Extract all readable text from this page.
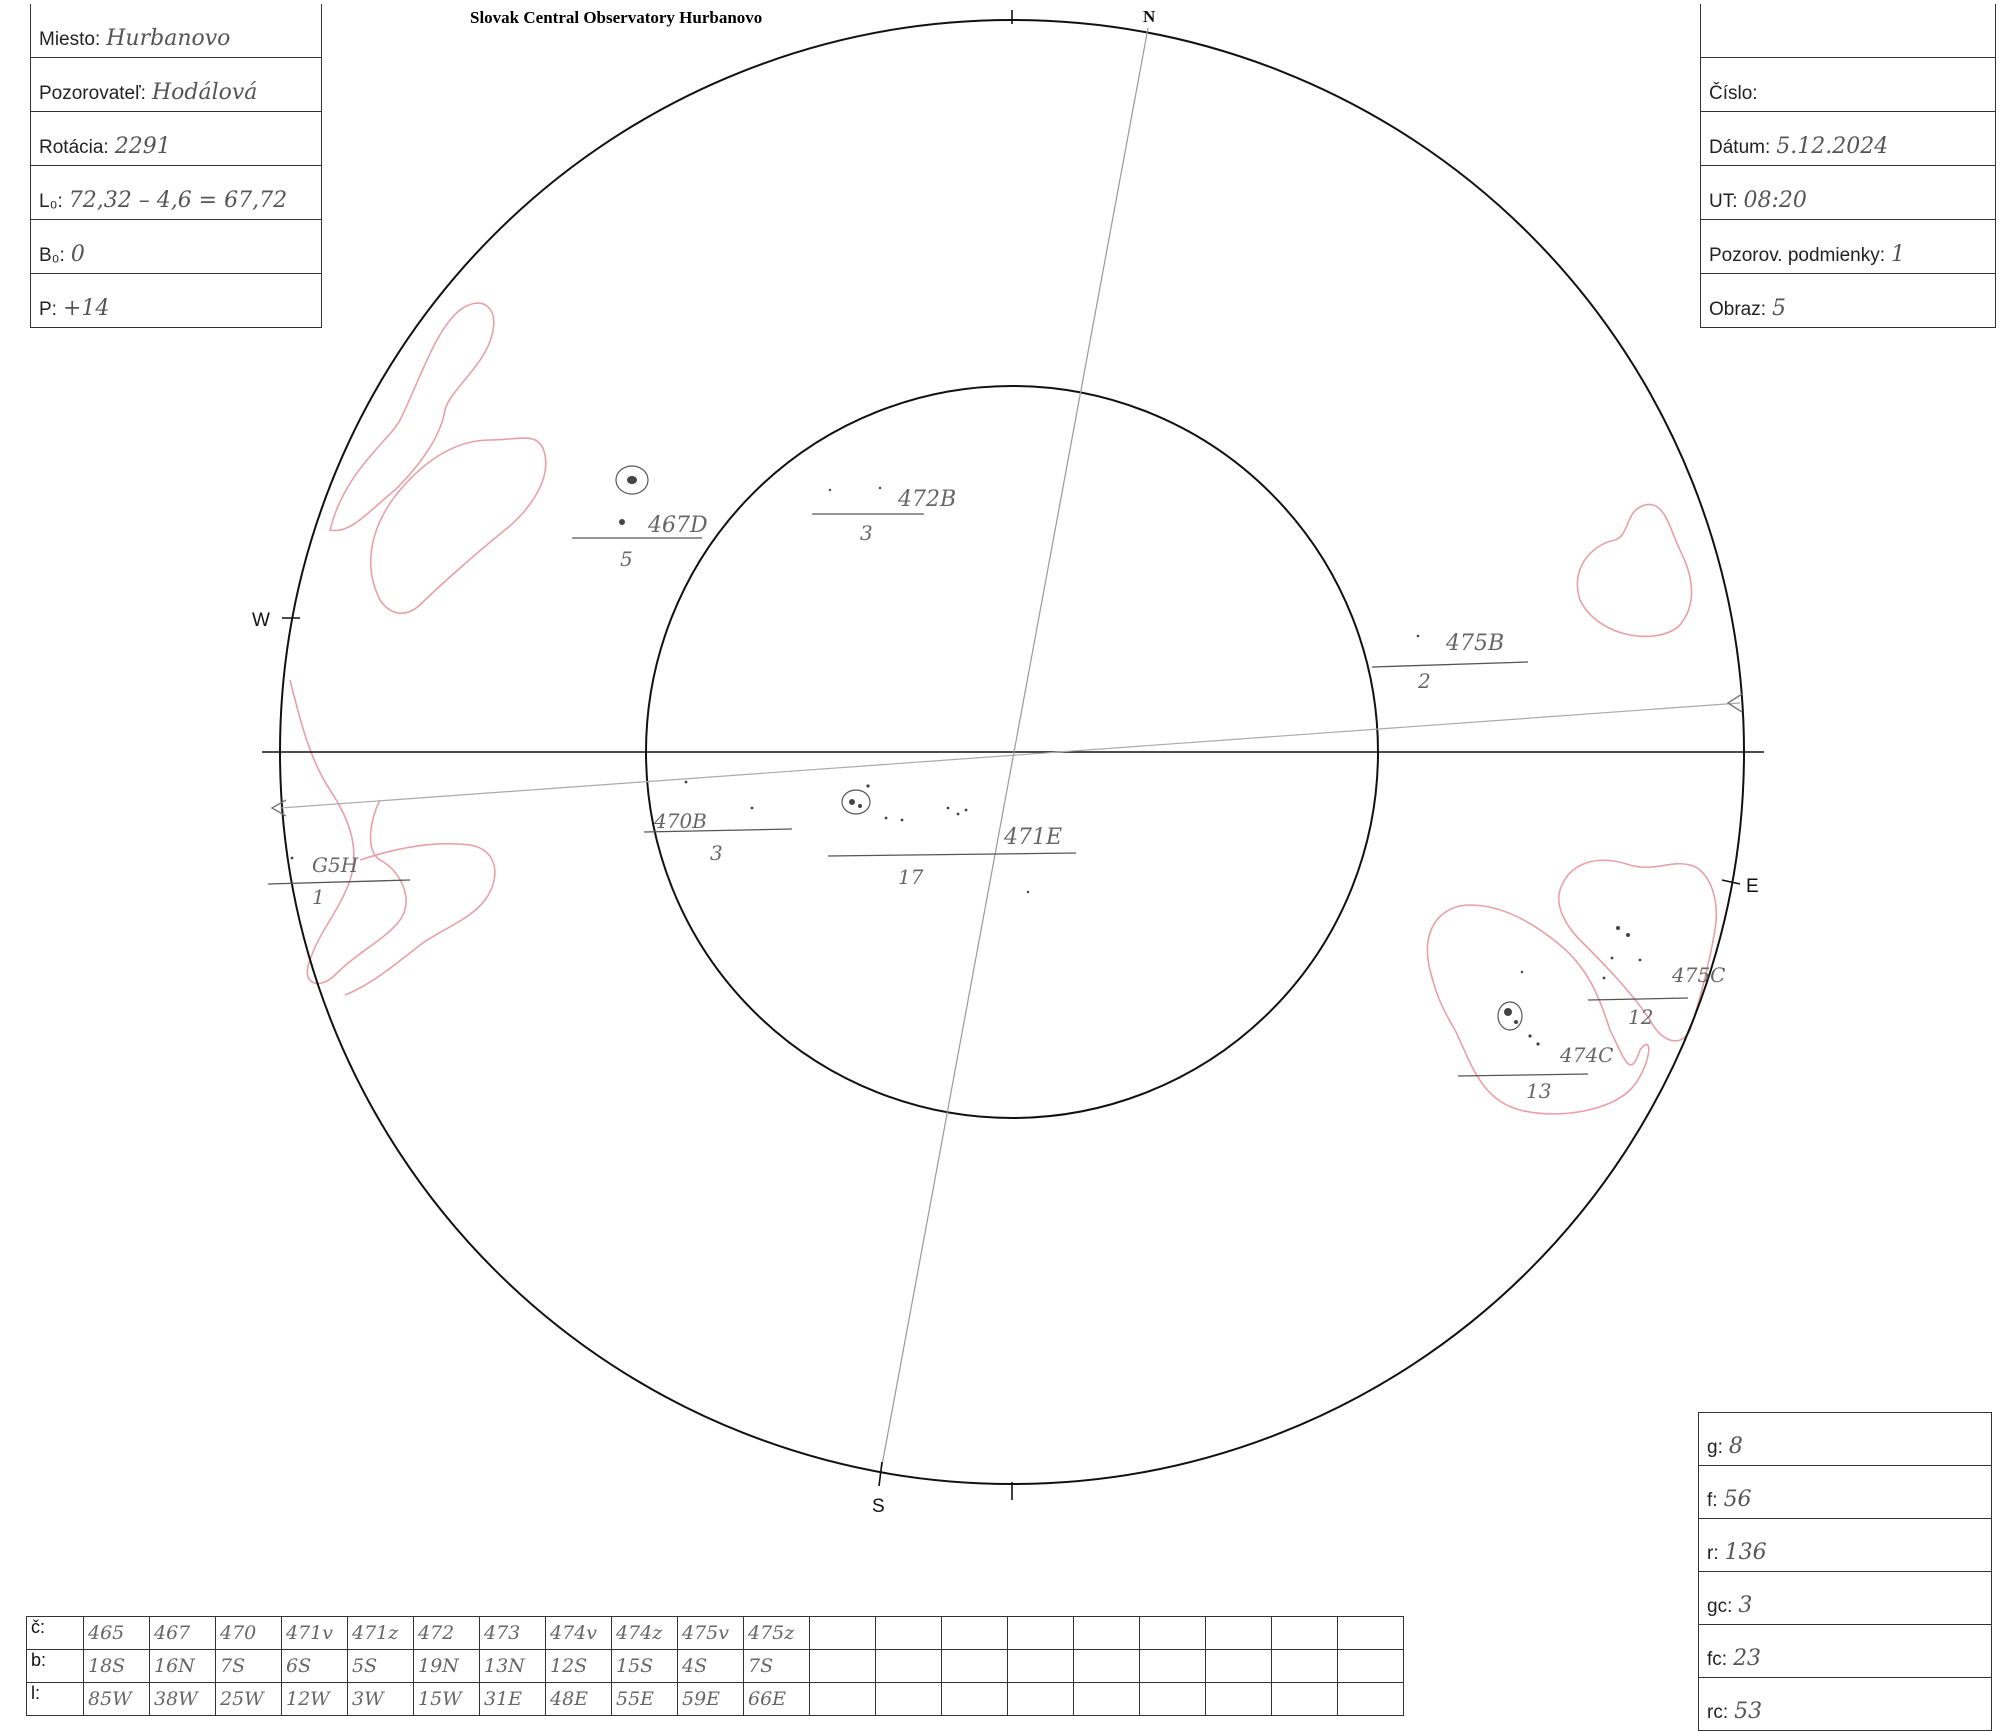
Slovak Central Observatory Hurbanovo
Miesto: Hurbanovo
Pozorovateľ: Hodálová
Rotácia: 2291
L₀: 72,32 – 4,6 = 67,72
B₀: 0
P: +14

Číslo:
Dátum: 5.12.2024
UT: 08:20
Pozorov. podmienky: 1
Obraz: 5
N
S
W
E
467D
5
472B
3
475B
2
470B
3
471E
17
G5H
1
475C
12
474C
13
g: 8
f: 56
r: 136
gc: 3
fc: 23
rc: 53
č:	465	467	470	471v	471z	472	473	474v	474z	475v	475z									
b:	18S	16N	7S	6S	5S	19N	13N	12S	15S	4S	7S									
l:	85W	38W	25W	12W	3W	15W	31E	48E	55E	59E	66E									
